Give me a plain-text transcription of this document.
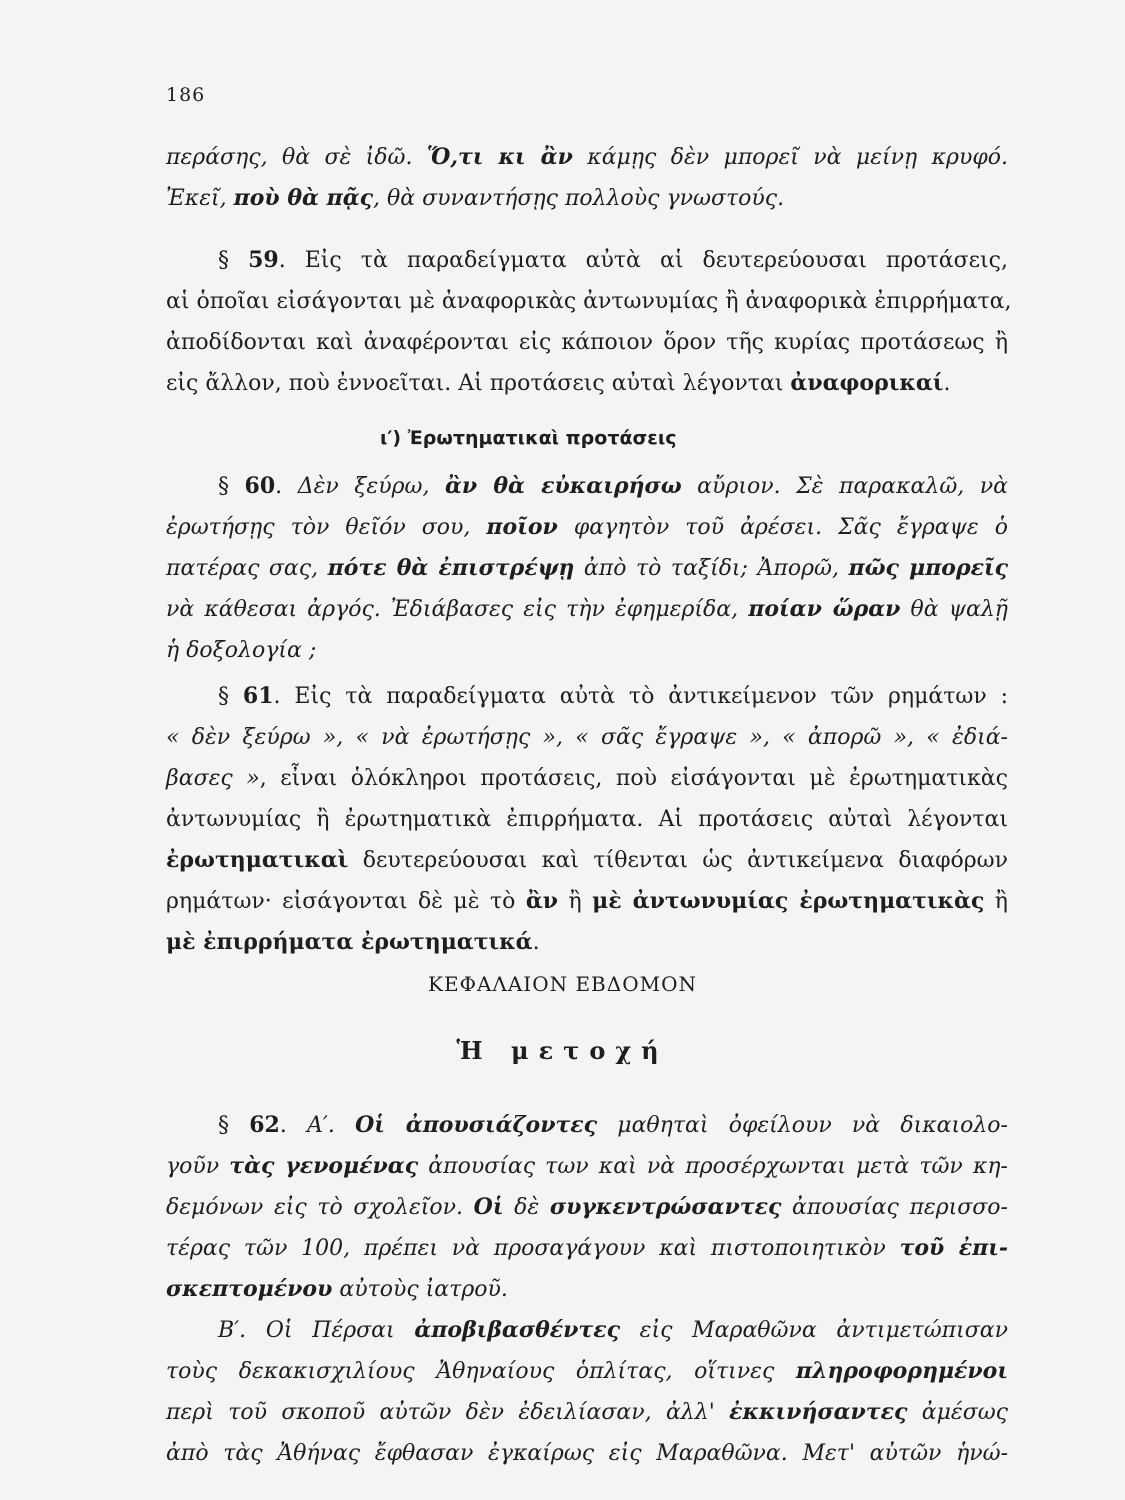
186
περάσης, θὰ σὲ ἰδῶ. Ὅ,τι κι ἂν κάμῃς δὲν μπορεῖ νὰ μείνῃ κρυφό.
Ἐκεῖ, ποὺ θὰ πᾷς, θὰ συναντήσῃς πολλοὺς γνωστούς.
§ 59. Εἰς τὰ παραδείγματα αὐτὰ αἱ δευτερεύουσαι προτάσεις,
αἱ ὁποῖαι εἰσάγονται μὲ ἀναφορικὰς ἀντωνυμίας ἢ ἀναφορικὰ ἐπιρρήματα,
ἀποδίδονται καὶ ἀναφέρονται εἰς κάποιον ὅρον τῆς κυρίας προτάσεως ἢ
εἰς ἄλλον, ποὺ ἐννοεῖται. Αἱ προτάσεις αὐταὶ λέγονται ἀναφορικαί.
ι′) Ἐρωτηματικαὶ προτάσεις
§ 60. Δὲν ξεύρω, ἂν θὰ εὐκαιρήσω αὔριον. Σὲ παρακαλῶ, νὰ
ἐρωτήσῃς τὸν θεῖόν σου, ποῖον φαγητὸν τοῦ ἀρέσει. Σᾶς ἔγραψε ὁ
πατέρας σας, πότε θὰ ἐπιστρέψῃ ἀπὸ τὸ ταξίδι; Ἀπορῶ, πῶς μπορεῖς
νὰ κάθεσαι ἀργός. Ἐδιάβασες εἰς τὴν ἐφημερίδα, ποίαν ὥραν θὰ ψαλῇ
ἡ δοξολογία ;
§ 61. Εἰς τὰ παραδείγματα αὐτὰ τὸ ἀντικείμενον τῶν ρημάτων :
« δὲν ξεύρω », « νὰ ἐρωτήσῃς », « σᾶς ἔγραψε », « ἀπορῶ », « ἐδιά-
βασες », εἶναι ὁλόκληροι προτάσεις, ποὺ εἰσάγονται μὲ ἐρωτηματικὰς
ἀντωνυμίας ἢ ἐρωτηματικὰ ἐπιρρήματα. Αἱ προτάσεις αὐταὶ λέγονται
ἐρωτηματικαὶ δευτερεύουσαι καὶ τίθενται ὡς ἀντικείμενα διαφόρων
ρημάτων· εἰσάγονται δὲ μὲ τὸ ἂν ἢ μὲ ἀντωνυμίας ἐρωτηματικὰς ἢ
μὲ ἐπιρρήματα ἐρωτηματικά.
ΚΕΦΑΛΑΙΟΝ ΕΒΔΟΜΟΝ
Ἡ μετοχή
§ 62. Α′. Οἱ ἀπουσιάζοντες μαθηταὶ ὀφείλουν νὰ δικαιολο-
γοῦν τὰς γενομένας ἀπουσίας των καὶ νὰ προσέρχωνται μετὰ τῶν κη-
δεμόνων εἰς τὸ σχολεῖον. Οἱ δὲ συγκεντρώσαντες ἀπουσίας περισσο-
τέρας τῶν 100, πρέπει νὰ προσαγάγουν καὶ πιστοποιητικὸν τοῦ ἐπι-
σκεπτομένου αὐτοὺς ἰατροῦ.
Β′. Οἱ Πέρσαι ἀποβιβασθέντες εἰς Μαραθῶνα ἀντιμετώπισαν
τοὺς δεκακισχιλίους Ἀθηναίους ὁπλίτας, οἵτινες πληροφορημένοι
περὶ τοῦ σκοποῦ αὐτῶν δὲν ἐδειλίασαν, ἀλλ' ἐκκινήσαντες ἀμέσως
ἀπὸ τὰς Ἀθήνας ἔφθασαν ἐγκαίρως εἰς Μαραθῶνα. Μετ' αὐτῶν ἡνώ-
